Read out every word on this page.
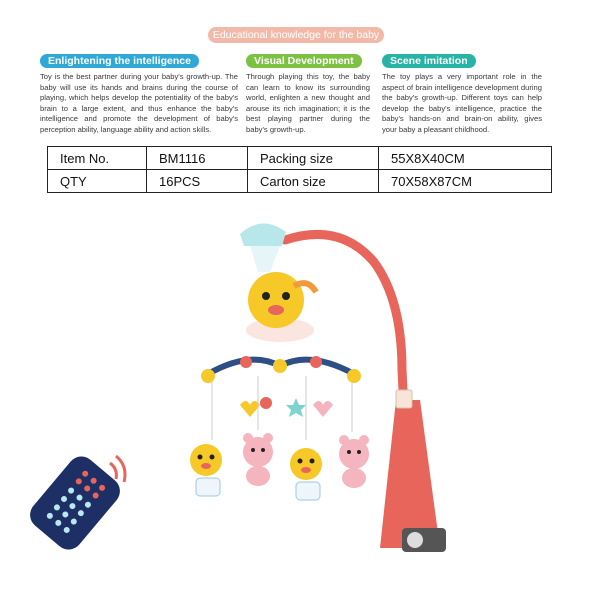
Educational knowledge for the baby
Enlightening the intelligence
Toy is the best partner during your baby's growth-up. The baby will use its hands and brains during the course of playing, which helps develop the potentiality of the baby's brain to a large extent, and thus enhance the baby's intelligence and promote the development of baby's perception ability, language ability and action skills.
Visual Development
Through playing this toy, the baby can learn to know its surrounding world, enlighten a new thought and arouse its rich imagination; it is the best playing partner during the baby's growth-up.
Scene imitation
The toy plays a very important role in the aspect of brain intelligence development during the baby's growth-up. Different toys can help develop the baby's intelligence, practice the baby's hands-on and brain-on ability, gives your baby a pleasant childhood.
Item No.	BM1116	Packing size	55X8X40CM
QTY	16PCS	Carton size	70X58X87CM
